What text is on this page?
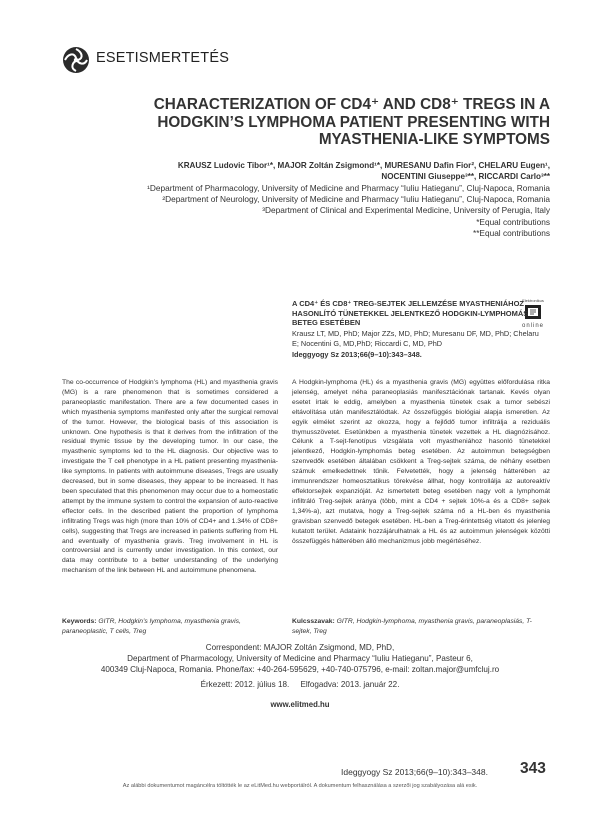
ESETISMERTETÉS
CHARACTERIZATION OF CD4⁺ AND CD8⁺ TREGS IN A
HODGKIN’S LYMPHOMA PATIENT PRESENTING WITH
MYASTHENIA-LIKE SYMPTOMS
KRAUSZ Ludovic Tibor¹*, MAJOR Zoltán Zsigmond¹*, MURESANU Dafin Fior², CHELARU Eugen¹,
NOCENTINI Giuseppe³**, RICCARDI Carlo³**
¹Department of Pharmacology, University of Medicine and Pharmacy “Iuliu Hatieganu”, Cluj-Napoca, Romania
²Department of Neurology, University of Medicine and Pharmacy “Iuliu Hatieganu”, Cluj-Napoca, Romania
³Department of Clinical and Experimental Medicine, University of Perugia, Italy
*Equal contributions
**Equal contributions
Elektronikus
online
A CD4⁺ ÉS CD8⁺ TREG-SEJTEK JELLEMZÉSE MYASTHENIÁHOZ HASONLÍTÓ TÜNETEKKEL JELENTKEZŐ HODGKIN-LYMPHOMÁS BETEG ESETÉBEN
Krausz LT, MD, PhD; Major ZZs, MD, PhD; Muresanu DF, MD, PhD; Chelaru E; Nocentini G, MD,PhD; Riccardi C, MD, PhD
Ideggyogy Sz 2013;66(9–10):343–348.
The co-occurrence of Hodgkin’s lymphoma (HL) and myasthenia gravis (MG) is a rare phenomenon that is sometimes considered a paraneoplastic manifestation. There are a few documented cases in which myasthenia symptoms manifested only after the surgical removal of the tumor. However, the biological basis of this association is unknown. One hypothesis is that it derives from the infiltration of the residual thymic tissue by the developing tumor. In our case, the myasthenic symptoms led to the HL diagnosis. Our objective was to investigate the T cell phenotype in a HL patient presenting myasthenia-like symptoms. In patients with autoimmune diseases, Tregs are usually decreased, but in some diseases, they appear to be increased. It has been speculated that this phenomenon may occur due to a homeostatic attempt by the immune system to control the expansion of auto-reactive effector cells. In the described patient the proportion of lymphoma infiltrating Tregs was high (more than 10% of CD4+ and 1.34% of CD8+ cells), suggesting that Tregs are increased in patients suffering from HL and eventually of myasthenia gravis. Treg involvement in HL is controversial and is currently under investigation. In this context, our data may contribute to a better understanding of the underlying mechanism of the link between HL and autoimmune phenomena.
A Hodgkin-lymphoma (HL) és a myasthenia gravis (MG) együttes előfordulása ritka jelenség, amelyet néha paraneoplasiás manifesztációnak tartanak. Kevés olyan esetet írtak le eddig, amelyben a myasthenia tünetek csak a tumor sebészi eltávolítása után manifesztálódtak. Az összefüggés biológiai alapja ismeretlen. Az egyik elmélet szerint az okozza, hogy a fejlődő tumor infiltrálja a reziduális thymusszövetet. Esetünkben a myasthenia tünetek vezettek a HL diagnózisához. Célunk a T-sejt-fenotípus vizsgálata volt myastheniához hasonló tünetekkel jelentkező, Hodgkin-lymphomás beteg esetében. Az autoimmun betegségben szenvedők esetében általában csökkent a Treg-sejtek száma, de néhány esetben számuk emelkedettnek tűnik. Felvetették, hogy a jelenség hátterében az immunrendszer homeosztatikus törekvése állhat, hogy kontrollálja az autoreaktív effektorsejtek expanzióját. Az ismertetett beteg esetében nagy volt a lymphomát infiltráló Treg-sejtek aránya (több, mint a CD4 + sejtek 10%-a és a CD8+ sejtek 1,34%-a), azt mutatva, hogy a Treg-sejtek száma nő a HL-ben és myasthenia gravisban szenvedő betegek esetében. HL-ben a Treg-érintettség vitatott és jelenleg kutatott terület. Adataink hozzájárulhatnak a HL és az autoimmun jelenségek közötti összefüggés hátterében álló mechanizmus jobb megértéséhez.
Keywords: GITR, Hodgkin’s lymphoma, myasthenia gravis, paraneoplastic, T cells, Treg
Kulcsszavak: GITR, Hodgkin-lymphoma, myasthenia gravis, paraneoplasiás, T-sejtek, Treg
Correspondent: MAJOR Zoltán Zsigmond, MD, PhD,
Department of Pharmacology, University of Medicine and Pharmacy “Iuliu Hatieganu”, Pasteur 6,
400349 Cluj-Napoca, Romania. Phone/fax: +40-264-595629, +40-740-075796, e-mail: zoltan.major@umfcluj.ro
Érkezett: 2012. július 18.     Elfogadva: 2013. január 22.
www.elitmed.hu
Ideggyogy Sz 2013;66(9–10):343–348. 343
Az alábbi dokumentumot magáncélra töltötték le az eLitMed.hu webportálról. A dokumentum felhasználása a szerzői jog szabályozása alá esik.
